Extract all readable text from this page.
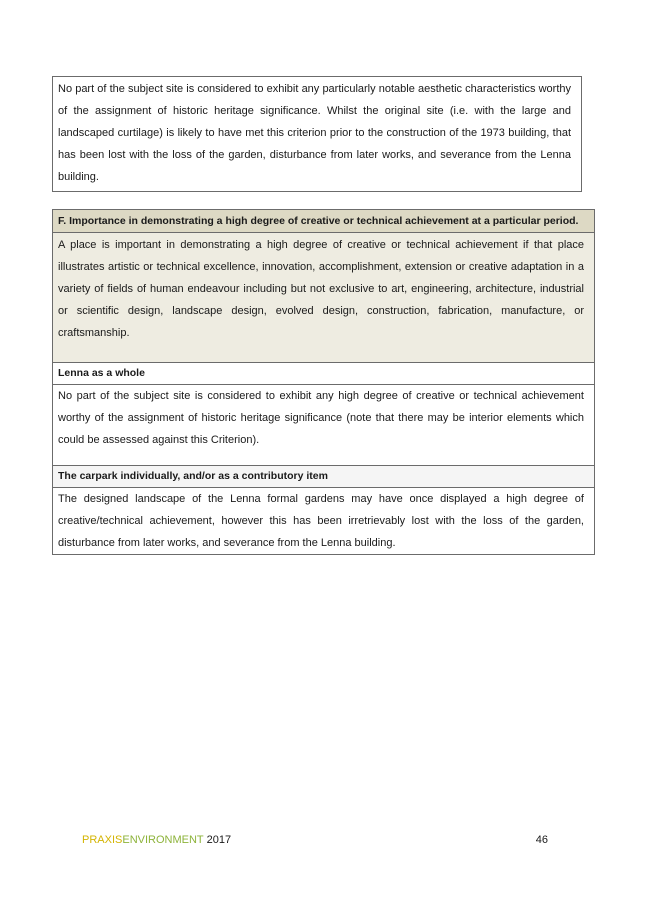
No part of the subject site is considered to exhibit any particularly notable aesthetic characteristics worthy of the assignment of historic heritage significance. Whilst the original site (i.e. with the large and landscaped curtilage) is likely to have met this criterion prior to the construction of the 1973 building, that has been lost with the loss of the garden, disturbance from later works, and severance from the Lenna building.
F. Importance in demonstrating a high degree of creative or technical achievement at a particular period.
A place is important in demonstrating a high degree of creative or technical achievement if that place illustrates artistic or technical excellence, innovation, accomplishment, extension or creative adaptation in a variety of fields of human endeavour including but not exclusive to art, engineering, architecture, industrial or scientific design, landscape design, evolved design, construction, fabrication, manufacture, or craftsmanship.
Lenna as a whole
No part of the subject site is considered to exhibit any high degree of creative or technical achievement worthy of the assignment of historic heritage significance (note that there may be interior elements which could be assessed against this Criterion).
The carpark individually, and/or as a contributory item
The designed landscape of the Lenna formal gardens may have once displayed a high degree of creative/technical achievement, however this has been irretrievably lost with the loss of the garden, disturbance from later works, and severance from the Lenna building.
PRAXISENVIRONMENT 2017	46
